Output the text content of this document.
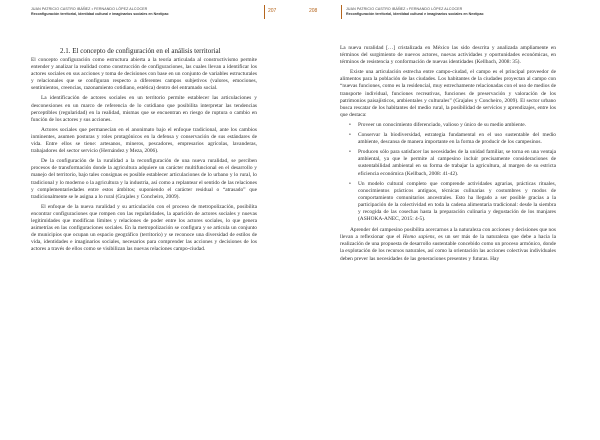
JUAN PATRICIO CASTRO IBÁÑEZ • FERNANDO LÓPEZ ALCOCER
Reconfiguración territorial, identidad cultural e imaginarios sociales en Nextipac	207
2.1. El concepto de configuración en el análisis territorial

El concepto configuración como estructura abierta a la teoría articulada al constructivismo permite entender y analizar la realidad como construcción de configuraciones, las cuales llevan a identificar los actores sociales en sus acciones y toma de decisiones con base en un conjunto de variables estructurales y relacionales que se configuran respecto a diferentes campos subjetivos (valores, emociones, sentimientos, creencias, razonamiento cotidiano, estética) dentro del entramado social.

La identificación de actores sociales en un territorio permite establecer las articulaciones y desconexiones en un marco de referencia de lo cotidiano que posibilita interpretar las tendencias perceptibles (regularidad) en la realidad, mismas que se encuentran en riesgo de ruptura o cambio en función de los actores y sus acciones.

Actores sociales que permanecían en el anonimato bajo el enfoque tradicional, ante los cambios inminentes, asumen posturas y roles protagónicos en la defensa y conservación de sus estándares de vida. Entre ellos se tiene: artesanos, mineros, pescadores, empresarios agrícolas, lavanderas, trabajadores del sector servicio (Hernández y Meza, 2006).

De la configuración de la ruralidad a la reconfiguración de una nueva ruralidad, se perciben procesos de transformación donde la agricultura adquiere un carácter multifuncional en el desarrollo y manejo del territorio, bajo tales consignas es posible establecer articulaciones de lo urbano y lo rural, lo tradicional y lo moderno o la agricultura y la industria, así como a replantear el sentido de las relaciones y complementariedades entre estos ámbitos; suponiendo el carácter residual o “atrasado” que tradicionalmente se le asigna a lo rural (Grajales y Concheiro, 2009).

El enfoque de la nueva ruralidad y su articulación con el proceso de metropolización, posibilita encontrar configuraciones que rompen con las regularidades, la aparición de actores sociales y nuevas legitimidades que modifican límites y relaciones de poder entre los actores sociales, lo que genera asimetrías en las configuraciones sociales. En la metropolización se configura y se articula un conjunto de municipios que ocupan un espacio geográfico (territorio) y se reconoce una diversidad de estilos de vida, identidades e imaginarios sociales, necesarios para comprender las acciones y decisiones de los actores a través de ellos como se visibilizan las nuevas relaciones campo-ciudad.

208	JUAN PATRICIO CASTRO IBÁÑEZ • FERNANDO LÓPEZ ALCOCER
Reconfiguración territorial, identidad cultural e imaginarios sociales en Nextipac

La nueva ruralidad […] cristalizada en México las sido descrita y analizada ampliamente en términos del surgimiento de nuevos actores, nuevas actividades y oportunidades económicas, en términos de resistencia y conformación de nuevas identidades (Kellbach, 2008: 35).

Existe una articulación estrecha entre campo-ciudad, el campo es el principal proveedor de alimentos para la población de las ciudades. Los habitantes de la ciudades proyectan al campo con “nuevas funciones, como es la residencial, muy estrechamente relacionadas con el uso de medios de transporte individual, funciones recreativas, funciones de preservación y valoración de los patrimonios paisajísticos, ambientales y culturales” (Grajales y Concheiro, 2009). El sector urbano busca rescatar de los habitantes del medio rural, la posibilidad de servicios y aprendizajes, entre los que destaca:

• Proveer un conocimiento diferenciado, valioso y único de su medio ambiente.
• Conservar la biodiversidad, estrategia fundamental en el uso sustentable del medio ambiente, descansa de manera importante en la forma de producir de los campesinos.
• Producen sólo para satisfacer las necesidades de la unidad familiar, se torna en una ventaja ambiental, ya que le permite al campesino incluir precisamente consideraciones de sustentabilidad ambiental en su forma de trabajar la agricultura, al margen de su estricta eficiencia económica (Kellbach, 2008: 41-42).
• Un modelo cultural completo que comprende actividades agrarias, prácticas rituales, conocimientos prácticos antiguos, técnicas culinarias y costumbres y modos de comportamiento comunitarios ancestrales. Esto ha llegado a ser posible gracias a la participación de la colectividad en toda la cadena alimentaria tradicional: desde la siembra y recogida de las cosechas hasta la preparación culinaria y degustación de los manjares (ASHOKA-ANEC, 2015: 4-5).

Aprender del campesino posibilita acercarnos a la naturaleza con acciones y decisiones que nos llevan a reflexionar que el Homo sapiens, es un ser más de la naturaleza que debe a hacia la realización de una propuesta de desarrollo sustentable concebido como un proceso armónico, donde la explotación de los recursos naturales, así como la orientación las acciones colectivas individuales deben prever las necesidades de las generaciones presentes y futuras. Hay
